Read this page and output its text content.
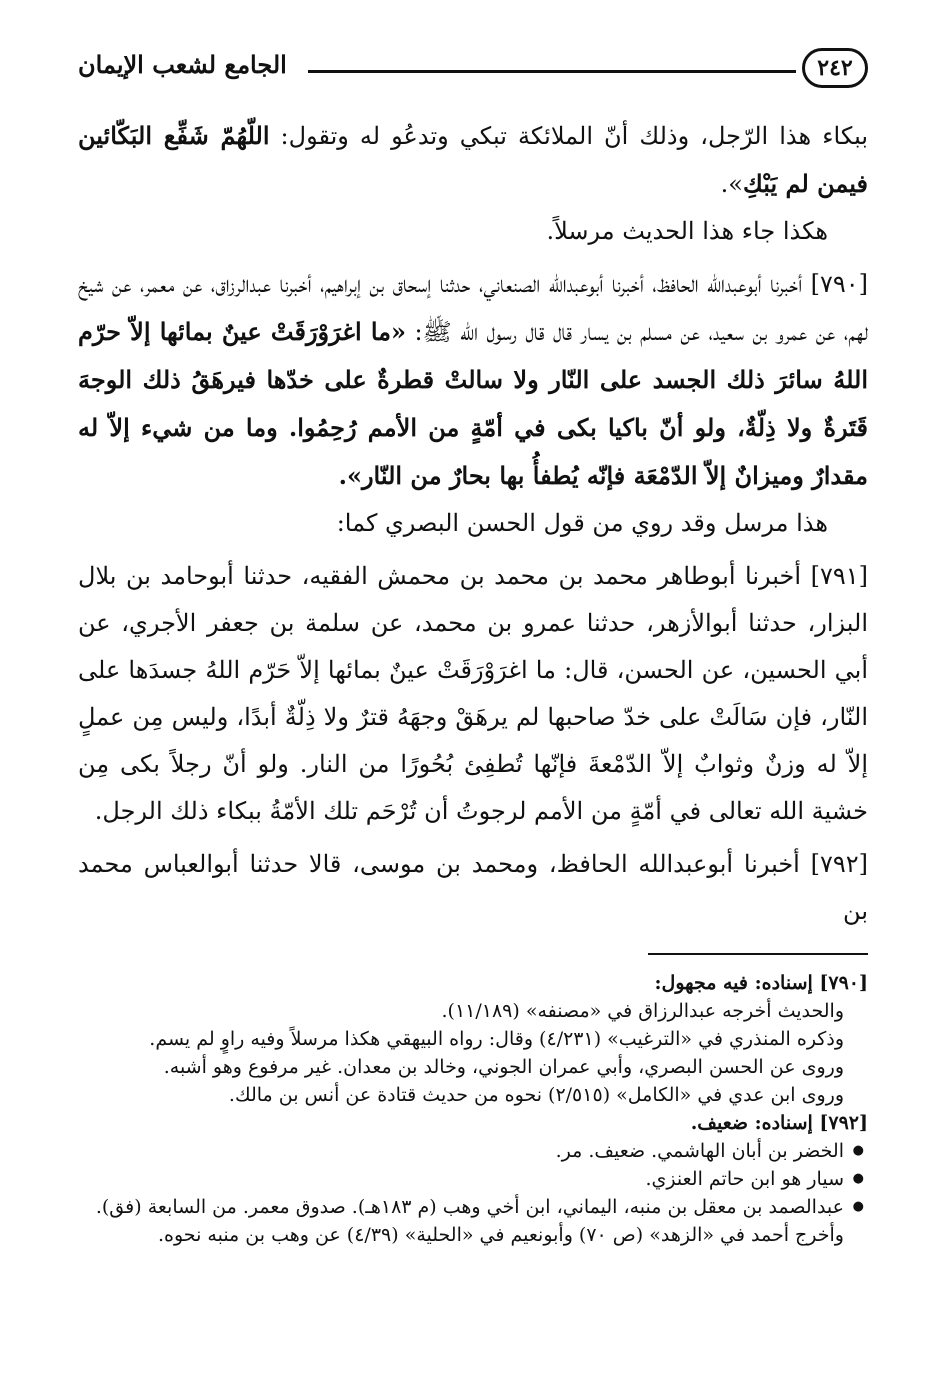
٢٤٢
الجامع لشعب الإيمان

ببكاء هذا الرّجل، وذلك أنّ الملائكة تبكي وتدعُو له وتقول: اللّهُمّ شَفِّع البَكّائين فيمن لم يَبْكِ».

هكذا جاء هذا الحديث مرسلاً.

[٧٩٠] أخبرنا أبوعبدالله الحافظ، أخبرنا أبوعبدالله الصنعاني، حدثنا إسحاق بن إبراهيم، أخبرنا عبدالرزاق، عن معمر، عن شيخ لهم، عن عمرو بن سعيد، عن مسلم بن يسار قال قال رسول الله ﷺ: «ما اغرَوْرَقَتْ عينٌ بمائها إلاّ حرّم اللهُ سائرَ ذلك الجسد على النّار ولا سالتْ قطرةٌ على خدّها فيرهَقُ ذلك الوجهَ قَتَرةٌ ولا ذِلّةٌ، ولو أنّ باكيا بكى في أمّةٍ من الأمم رُحِمُوا. وما من شيء إلاّ له مقدارٌ وميزانٌ إلاّ الدّمْعَة فإنّه يُطفأُ بها بحارٌ من النّار».

هذا مرسل وقد روي من قول الحسن البصري كما:

[٧٩١] أخبرنا أبوطاهر محمد بن محمد بن محمش الفقيه، حدثنا أبوحامد بن بلال البزار، حدثنا أبوالأزهر، حدثنا عمرو بن محمد، عن سلمة بن جعفر الأجري، عن أبي الحسين، عن الحسن، قال: ما اغرَوْرَقَتْ عينٌ بمائها إلاّ حَرّم اللهُ جسدَها على النّار، فإن سَالَتْ على خدّ صاحبها لم يرهَقْ وجهَهُ قترٌ ولا ذِلّةٌ أبدًا، وليس مِن عملٍ إلاّ له وزنٌ وثوابٌ إلاّ الدّمْعةَ فإنّها تُطفِئ بُحُورًا من النار. ولو أنّ رجلاً بكى مِن خشية الله تعالى في أمّةٍ من الأمم لرجوتُ أن تُرْحَم تلك الأمّةُ ببكاء ذلك الرجل.

[٧٩٢] أخبرنا أبوعبدالله الحافظ، ومحمد بن موسى، قالا حدثنا أبوالعباس محمد بن

[٧٩٠] إسناده: فيه مجهول:

والحديث أخرجه عبدالرزاق في «مصنفه» (١١/١٨٩).

وذكره المنذري في «الترغيب» (٤/٢٣١) وقال: رواه البيهقي هكذا مرسلاً وفيه راوٍ لم يسم.

وروى عن الحسن البصري، وأبي عمران الجوني، وخالد بن معدان. غير مرفوع وهو أشبه.

وروى ابن عدي في «الكامل» (٢/٥١٥) نحوه من حديث قتادة عن أنس بن مالك.

[٧٩٢] إسناده: ضعيف.

● الخضر بن أبان الهاشمي. ضعيف. مر.

● سيار هو ابن حاتم العنزي.

● عبدالصمد بن معقل بن منبه، اليماني، ابن أخي وهب (م ١٨٣هـ). صدوق معمر. من السابعة (فق).

وأخرج أحمد في «الزهد» (ص ٧٠) وأبونعيم في «الحلية» (٤/٣٩) عن وهب بن منبه نحوه.
